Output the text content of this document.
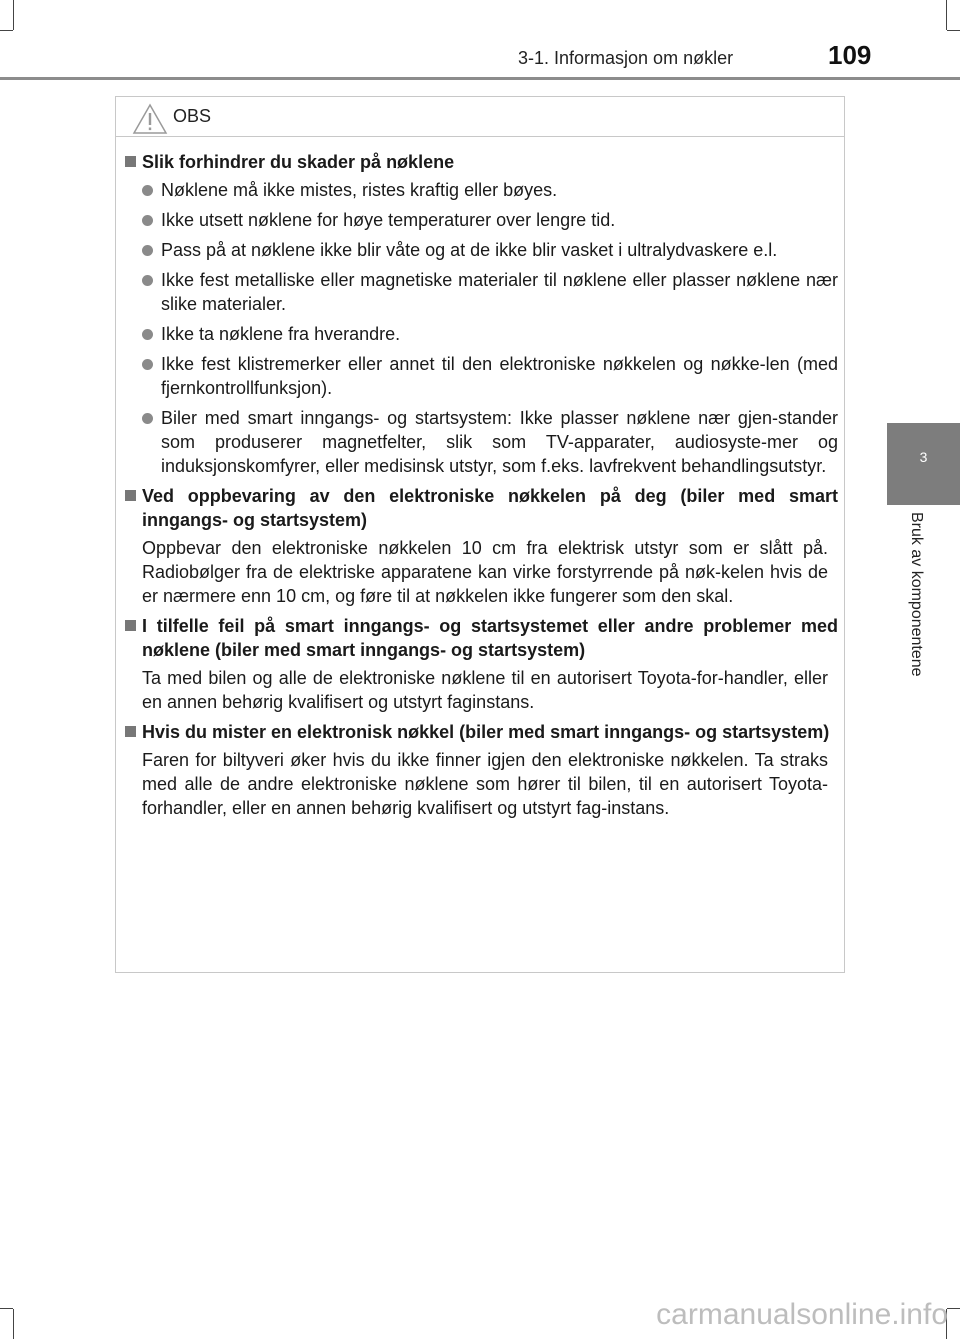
3-1. Informasjon om nøkler	109
3
Bruk av komponentene
OBS
Slik forhindrer du skader på nøklene
Nøklene må ikke mistes, ristes kraftig eller bøyes.
Ikke utsett nøklene for høye temperaturer over lengre tid.
Pass på at nøklene ikke blir våte og at de ikke blir vasket i ultralydvaskere e.l.
Ikke fest metalliske eller magnetiske materialer til nøklene eller plasser nøklene nær slike materialer.
Ikke ta nøklene fra hverandre.
Ikke fest klistremerker eller annet til den elektroniske nøkkelen og nøkke-len (med fjernkontrollfunksjon).
Biler med smart inngangs- og startsystem: Ikke plasser nøklene nær gjen-stander som produserer magnetfelter, slik som TV-apparater, audiosyste-mer og induksjonskomfyrer, eller medisinsk utstyr, som f.eks. lavfrekvent behandlingsutstyr.
Ved oppbevaring av den elektroniske nøkkelen på deg (biler med smart inngangs- og startsystem)
Oppbevar den elektroniske nøkkelen 10 cm fra elektrisk utstyr som er slått på. Radiobølger fra de elektriske apparatene kan virke forstyrrende på nøk-kelen hvis de er nærmere enn 10 cm, og føre til at nøkkelen ikke fungerer som den skal.
I tilfelle feil på smart inngangs- og startsystemet eller andre problemer med nøklene (biler med smart inngangs- og startsystem)
Ta med bilen og alle de elektroniske nøklene til en autorisert Toyota-for-handler, eller en annen behørig kvalifisert og utstyrt faginstans.
Hvis du mister en elektronisk nøkkel (biler med smart inngangs- og startsystem)
Faren for biltyveri øker hvis du ikke finner igjen den elektroniske nøkkelen. Ta straks med alle de andre elektroniske nøklene som hører til bilen, til en autorisert Toyota-forhandler, eller en annen behørig kvalifisert og utstyrt fag-instans.
carmanualsonline.info
